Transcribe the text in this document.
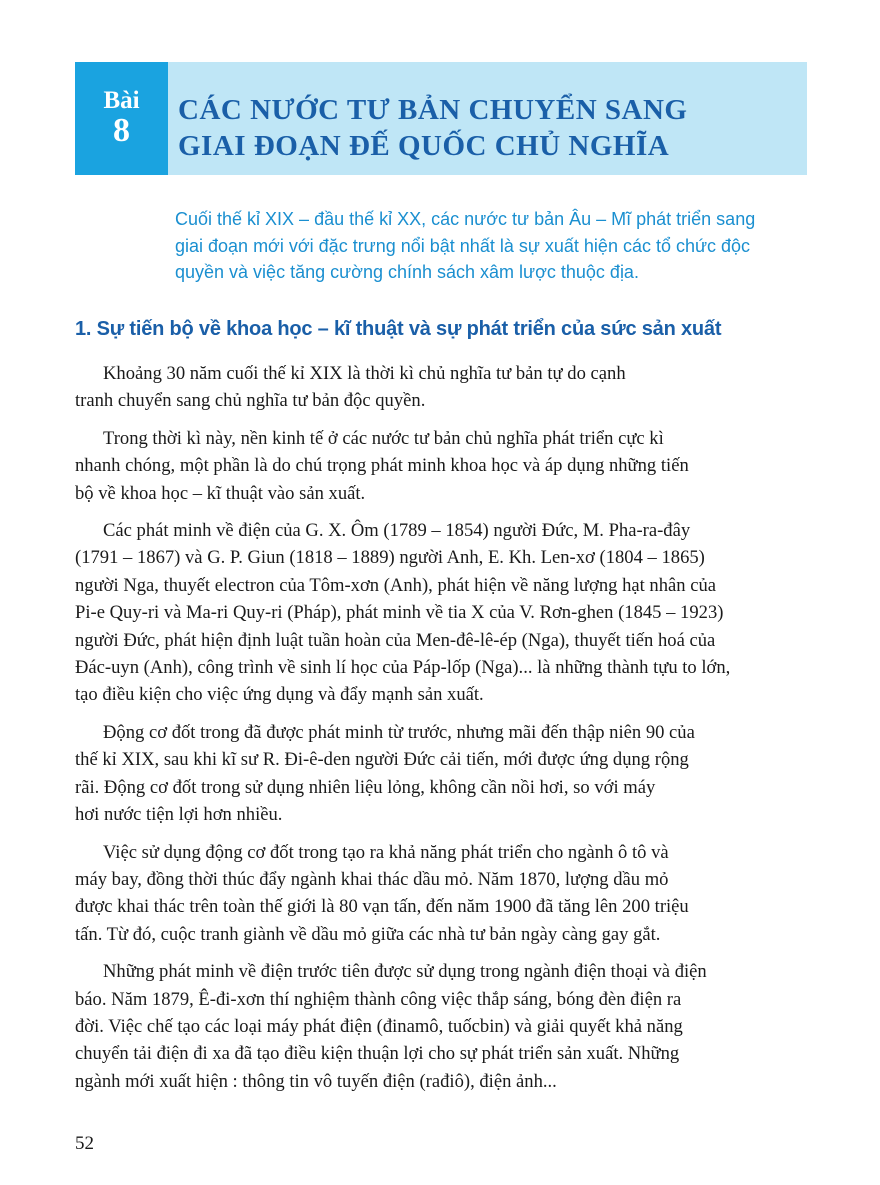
Bài
8
CÁC NƯỚC TƯ BẢN CHUYỂN SANG
GIAI ĐOẠN ĐẾ QUỐC CHỦ NGHĨA
Cuối thế kỉ XIX – đầu thế kỉ XX, các nước tư bản Âu – Mĩ phát triển sang
giai đoạn mới với đặc trưng nổi bật nhất là sự xuất hiện các tổ chức độc
quyền và việc tăng cường chính sách xâm lược thuộc địa.
1. Sự tiến bộ về khoa học – kĩ thuật và sự phát triển của sức sản xuất
Khoảng 30 năm cuối thế kỉ XIX là thời kì chủ nghĩa tư bản tự do cạnh
tranh chuyển sang chủ nghĩa tư bản độc quyền.
Trong thời kì này, nền kinh tế ở các nước tư bản chủ nghĩa phát triển cực kì
nhanh chóng, một phần là do chú trọng phát minh khoa học và áp dụng những tiến
bộ về khoa học – kĩ thuật vào sản xuất.
Các phát minh về điện của G. X. Ôm (1789 – 1854) người Đức, M. Pha-ra-đây
(1791 – 1867) và G. P. Giun (1818 – 1889) người Anh, E. Kh. Len-xơ (1804 – 1865)
người Nga, thuyết electron của Tôm-xơn (Anh), phát hiện về năng lượng hạt nhân của
Pi-e Quy-ri và Ma-ri Quy-ri (Pháp), phát minh về tia X của V. Rơn-ghen (1845 – 1923)
người Đức, phát hiện định luật tuần hoàn của Men-đê-lê-ép (Nga), thuyết tiến hoá của
Đác-uyn (Anh), công trình về sinh lí học của Páp-lốp (Nga)... là những thành tựu to lớn,
tạo điều kiện cho việc ứng dụng và đẩy mạnh sản xuất.
Động cơ đốt trong đã được phát minh từ trước, nhưng mãi đến thập niên 90 của
thế kỉ XIX, sau khi kĩ sư R. Đi-ê-den người Đức cải tiến, mới được ứng dụng rộng
rãi. Động cơ đốt trong sử dụng nhiên liệu lỏng, không cần nồi hơi, so với máy
hơi nước tiện lợi hơn nhiều.
Việc sử dụng động cơ đốt trong tạo ra khả năng phát triển cho ngành ô tô và
máy bay, đồng thời thúc đẩy ngành khai thác dầu mỏ. Năm 1870, lượng dầu mỏ
được khai thác trên toàn thế giới là 80 vạn tấn, đến năm 1900 đã tăng lên 200 triệu
tấn. Từ đó, cuộc tranh giành về dầu mỏ giữa các nhà tư bản ngày càng gay gắt.
Những phát minh về điện trước tiên được sử dụng trong ngành điện thoại và điện
báo. Năm 1879, Ê-đi-xơn thí nghiệm thành công việc thắp sáng, bóng đèn điện ra
đời. Việc chế tạo các loại máy phát điện (đinamô, tuốcbin) và giải quyết khả năng
chuyển tải điện đi xa đã tạo điều kiện thuận lợi cho sự phát triển sản xuất. Những
ngành mới xuất hiện : thông tin vô tuyến điện (rađiô), điện ảnh...
52
